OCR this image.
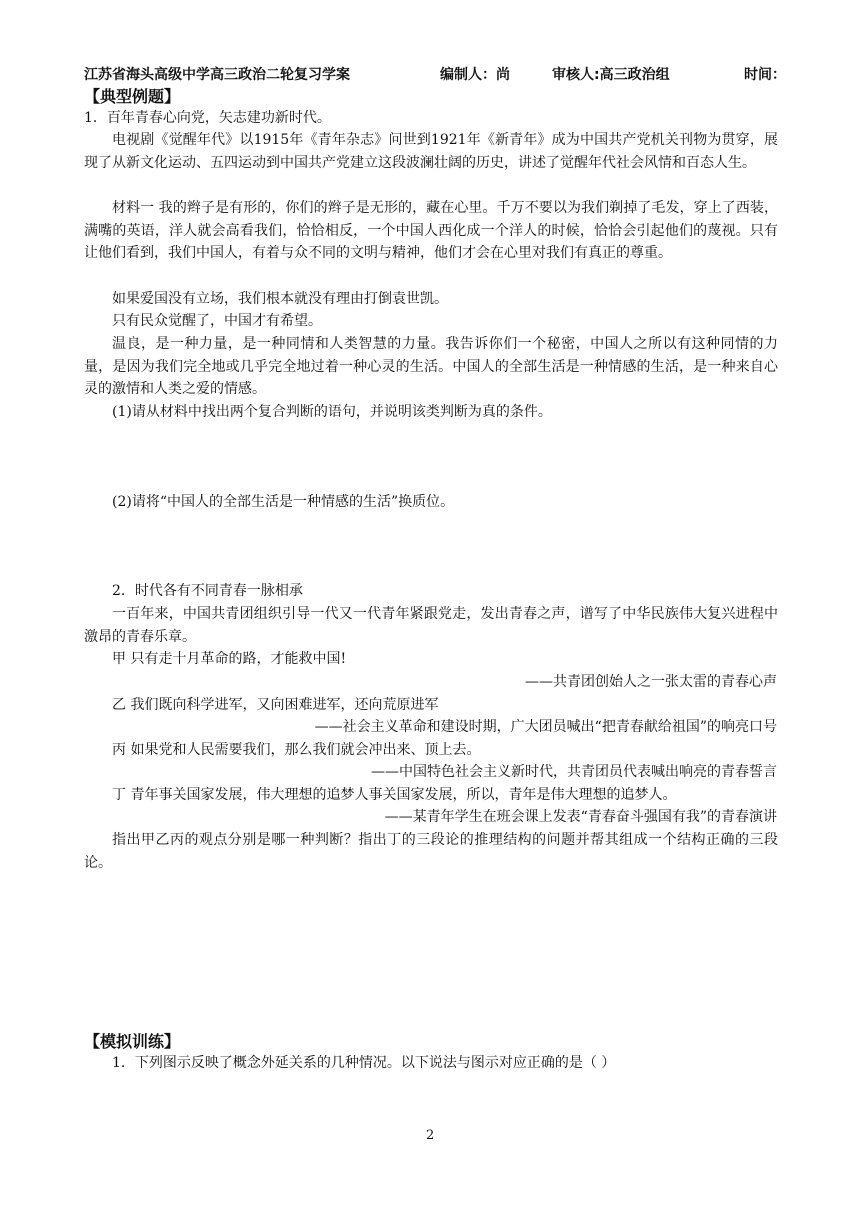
江苏省海头高级中学高三政治二轮复习学案	编制人：尚	审核人:高三政治组	时间：
【典型例题】
1．百年青春心向党，矢志建功新时代。
电视剧《觉醒年代》以1915年《青年杂志》问世到1921年《新青年》成为中国共产党机关刊物为贯穿，展现了从新文化运动、五四运动到中国共产党建立这段波澜壮阔的历史，讲述了觉醒年代社会风情和百态人生。
材料一 我的辫子是有形的，你们的辫子是无形的，藏在心里。千万不要以为我们剃掉了毛发，穿上了西装，满嘴的英语，洋人就会高看我们，恰恰相反，一个中国人西化成一个洋人的时候，恰恰会引起他们的蔑视。只有让他们看到，我们中国人，有着与众不同的文明与精神，他们才会在心里对我们有真正的尊重。
如果爱国没有立场，我们根本就没有理由打倒袁世凯。
只有民众觉醒了，中国才有希望。
温良，是一种力量，是一种同情和人类智慧的力量。我告诉你们一个秘密，中国人之所以有这种同情的力量，是因为我们完全地或几乎完全地过着一种心灵的生活。中国人的全部生活是一种情感的生活，是一种来自心灵的激情和人类之爱的情感。
(1)请从材料中找出两个复合判断的语句，并说明该类判断为真的条件。
(2)请将“中国人的全部生活是一种情感的生活”换质位。
2．时代各有不同青春一脉相承
一百年来，中国共青团组织引导一代又一代青年紧跟党走，发出青春之声，谱写了中华民族伟大复兴进程中激昂的青春乐章。
甲 只有走十月革命的路，才能救中国!
——共青团创始人之一张太雷的青春心声
乙 我们既向科学进军，又向困难进军，还向荒原进军
——社会主义革命和建设时期，广大团员喊出“把青春献给祖国”的响亮口号
丙 如果党和人民需要我们，那么我们就会冲出来、顶上去。
——中国特色社会主义新时代，共青团员代表喊出响亮的青春誓言
丁 青年事关国家发展，伟大理想的追梦人事关国家发展，所以，青年是伟大理想的追梦人。
——某青年学生在班会课上发表“青春奋斗强国有我”的青春演讲
指出甲乙丙的观点分别是哪一种判断？指出丁的三段论的推理结构的问题并帮其组成一个结构正确的三段论。
【模拟训练】
1．下列图示反映了概念外延关系的几种情况。以下说法与图示对应正确的是（ ）
2
